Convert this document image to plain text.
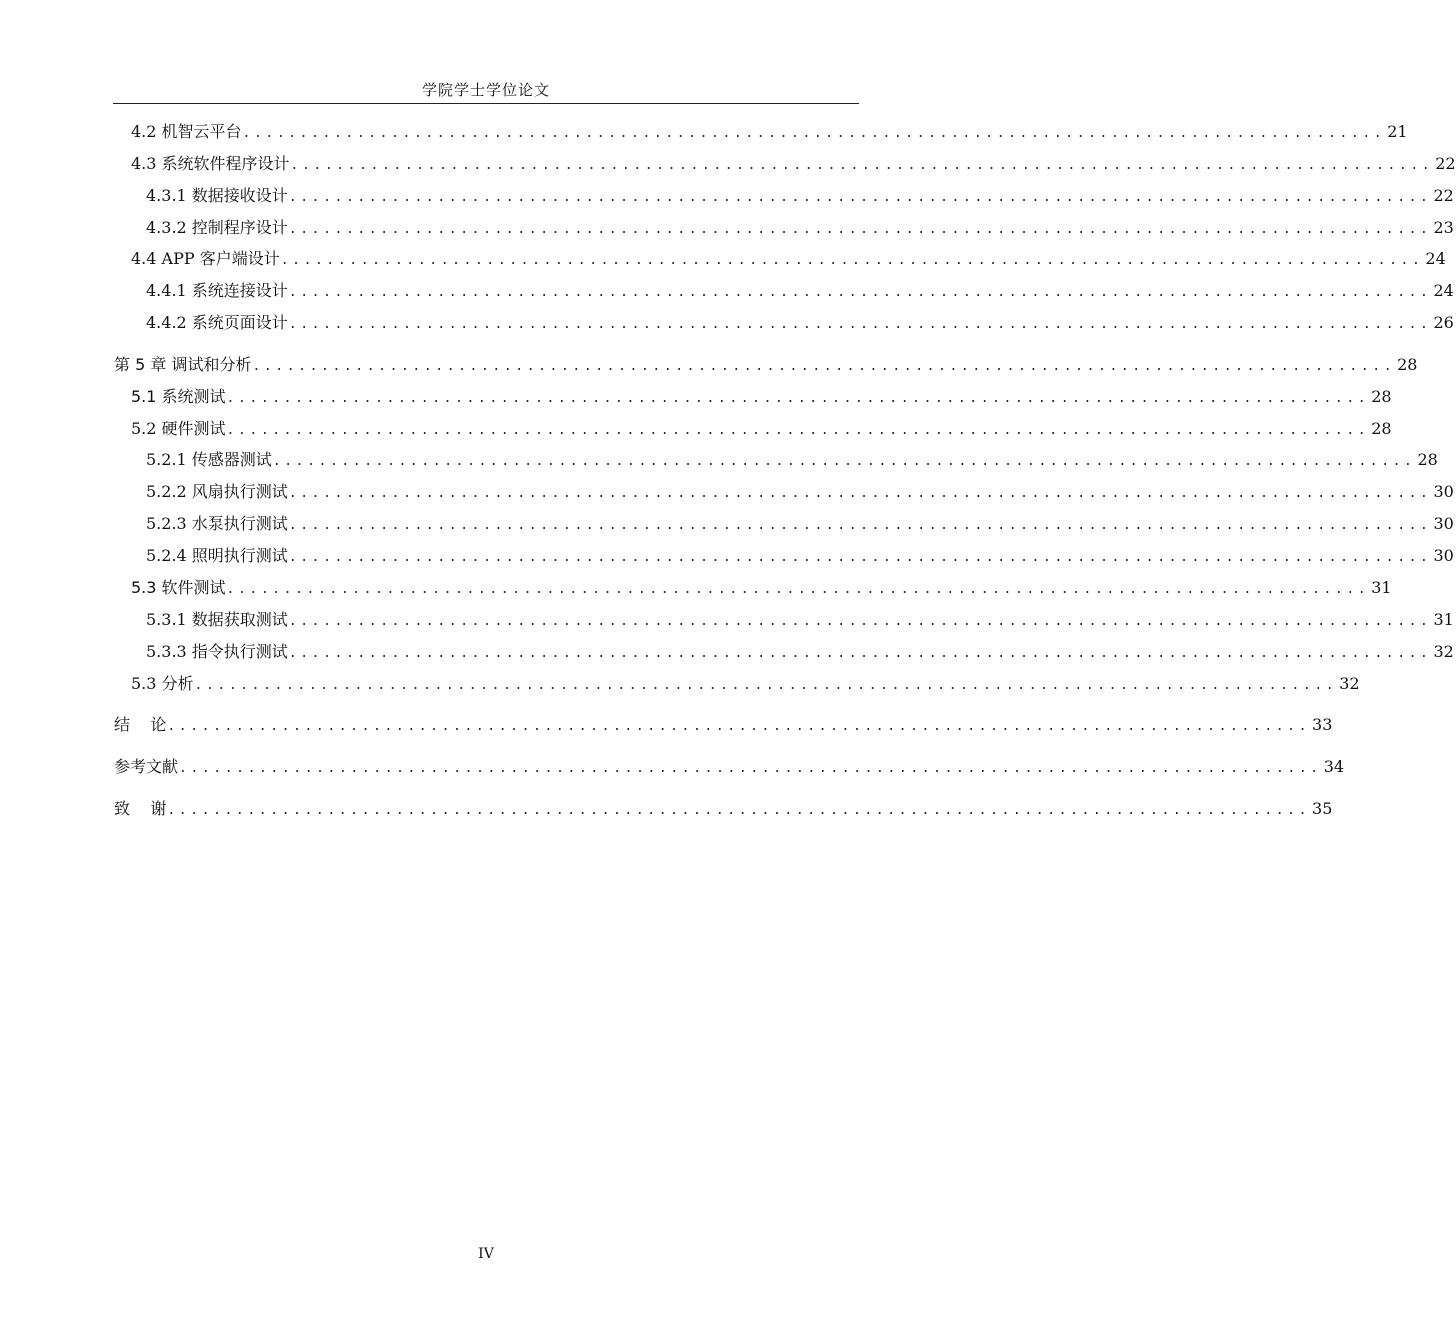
学院学士学位论文
4.2 机智云平台 .................................................................................................... 21
4.3 系统软件程序设计 .................................................................................................... 22
4.3.1 数据接收设计 .................................................................................................... 22
4.3.2 控制程序设计 .................................................................................................... 23
4.4 APP 客户端设计 .................................................................................................... 24
4.4.1 系统连接设计 .................................................................................................... 24
4.4.2 系统页面设计 .................................................................................................... 26
第 5 章 调试和分析 .................................................................................................... 28
5.1 系统测试 .................................................................................................... 28
5.2 硬件测试 .................................................................................................... 28
5.2.1 传感器测试 .................................................................................................... 28
5.2.2 风扇执行测试 .................................................................................................... 30
5.2.3 水泵执行测试 .................................................................................................... 30
5.2.4 照明执行测试 .................................................................................................... 30
5.3 软件测试 .................................................................................................... 31
5.3.1 数据获取测试 .................................................................................................... 31
5.3.3 指令执行测试 .................................................................................................... 32
5.3 分析 .................................................................................................... 32
结    论 .................................................................................................... 33
参考文献 .................................................................................................... 34
致    谢 .................................................................................................... 35
IV
